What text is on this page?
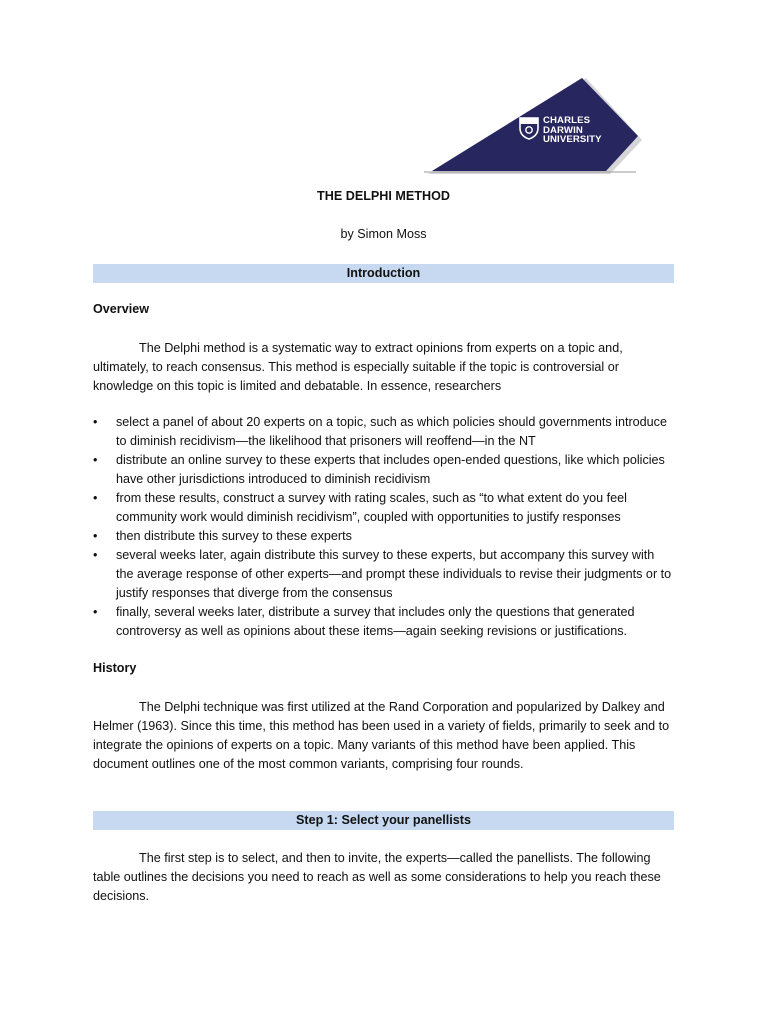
CHARLES
DARWIN
UNIVERSITY
THE DELPHI METHOD
by Simon Moss
Introduction
Overview
The Delphi method is a systematic way to extract opinions from experts on a topic and, ultimately, to reach consensus. This method is especially suitable if the topic is controversial or knowledge on this topic is limited and debatable. In essence, researchers
• select a panel of about 20 experts on a topic, such as which policies should governments introduce to diminish recidivism—the likelihood that prisoners will reoffend—in the NT
• distribute an online survey to these experts that includes open-ended questions, like which policies have other jurisdictions introduced to diminish recidivism
• from these results, construct a survey with rating scales, such as “to what extent do you feel community work would diminish recidivism”, coupled with opportunities to justify responses
• then distribute this survey to these experts
• several weeks later, again distribute this survey to these experts, but accompany this survey with the average response of other experts—and prompt these individuals to revise their judgments or to justify responses that diverge from the consensus
• finally, several weeks later, distribute a survey that includes only the questions that generated controversy as well as opinions about these items—again seeking revisions or justifications.
History
The Delphi technique was first utilized at the Rand Corporation and popularized by Dalkey and Helmer (1963). Since this time, this method has been used in a variety of fields, primarily to seek and to integrate the opinions of experts on a topic. Many variants of this method have been applied. This document outlines one of the most common variants, comprising four rounds.
Step 1: Select your panellists
The first step is to select, and then to invite, the experts—called the panellists. The following table outlines the decisions you need to reach as well as some considerations to help you reach these decisions.
